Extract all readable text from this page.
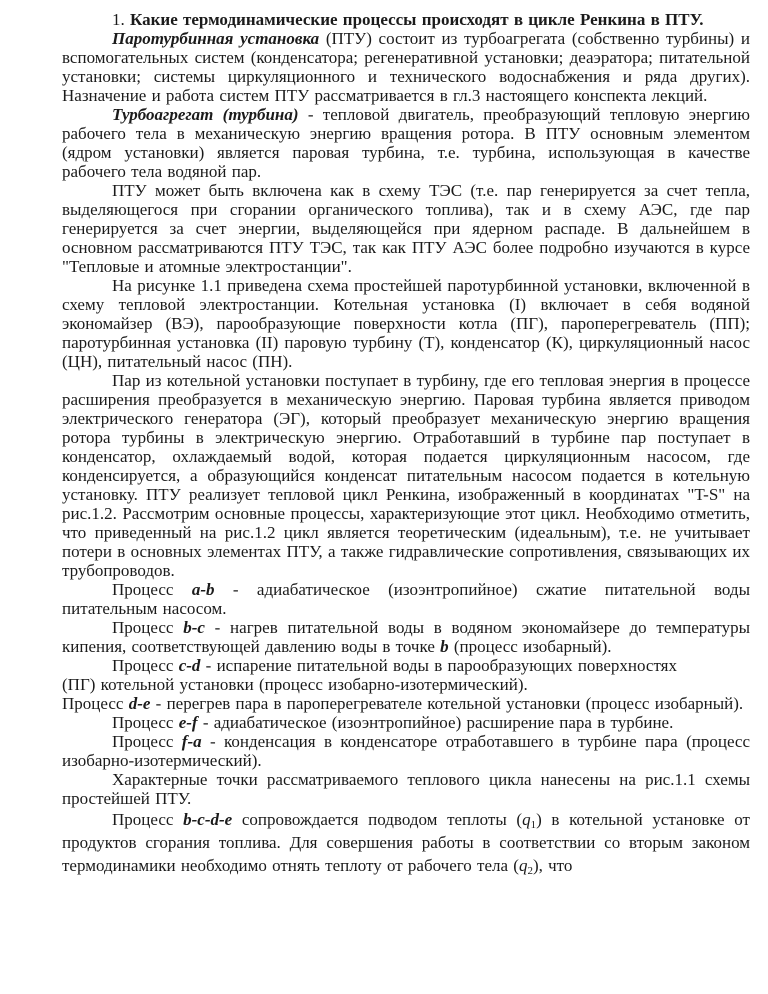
1. Какие термодинамические процессы происходят в цикле Ренкина в ПТУ.

Паротурбинная установка (ПТУ) состоит из турбоагрегата (собственно турбины) и вспомогательных систем (конденсатора; регенеративной установки; деаэратора; питательной установки; системы циркуляционного и технического водоснабжения и ряда других). Назначение и работа систем ПТУ рассматривается в гл.3 настоящего конспекта лекций.

Турбоагрегат (турбина) - тепловой двигатель, преобразующий тепловую энергию рабочего тела в механическую энергию вращения ротора. В ПТУ основным элементом (ядром установки) является паровая турбина, т.е. турбина, использующая в качестве рабочего тела водяной пар.

ПТУ может быть включена как в схему ТЭС (т.е. пар генерируется за счет тепла, выделяющегося при сгорании органического топлива), так и в схему АЭС, где пар генерируется за счет энергии, выделяющейся при ядерном распаде. В дальнейшем в основном рассматриваются ПТУ ТЭС, так как ПТУ АЭС более подробно изучаются в курсе "Тепловые и атомные электростанции".

На рисунке 1.1 приведена схема простейшей паротурбинной установки, включенной в схему тепловой электростанции. Котельная установка (I) включает в себя водяной экономайзер (ВЭ), парообразующие поверхности котла (ПГ), пароперегреватель (ПП); паротурбинная установка (II) паровую турбину (Т), конденсатор (К), циркуляционный насос (ЦН), питательный насос (ПН).

Пар из котельной установки поступает в турбину, где его тепловая энергия в процессе расширения преобразуется в механическую энергию. Паровая турбина является приводом электрического генератора (ЭГ), который преобразует механическую энергию вращения ротора турбины в электрическую энергию. Отработавший в турбине пар поступает в конденсатор, охлаждаемый водой, которая подается циркуляционным насосом, где конденсируется, а образующийся конденсат питательным насосом подается в котельную установку. ПТУ реализует тепловой цикл Ренкина, изображенный в координатах "T-S" на рис.1.2. Рассмотрим основные процессы, характеризующие этот цикл. Необходимо отметить, что приведенный на рис.1.2 цикл является теоретическим (идеальным), т.е. не учитывает потери в основных элементах ПТУ, а также гидравлические сопротивления, связывающих их трубопроводов.

Процесс a-b - адиабатическое (изоэнтропийное) сжатие питательной воды питательным насосом.

Процесс b-c - нагрев питательной воды в водяном экономайзере до температуры кипения, соответствующей давлению воды в точке b (процесс изобарный).

Процесс c-d - испарение питательной воды в парообразующих поверхностях
(ПГ) котельной установки (процесс изобарно-изотермический).

Процесс d-e - перегрев пара в пароперегревателе котельной установки (процесс изобарный).

Процесс e-f - адиабатическое (изоэнтропийное) расширение пара в турбине.

Процесс f-a - конденсация в конденсаторе отработавшего в турбине пара (процесс изобарно-изотермический).

Характерные точки рассматриваемого теплового цикла нанесены на рис.1.1 схемы простейшей ПТУ.

Процесс b-c-d-e сопровождается подводом теплоты (q1) в котельной установке от продуктов сгорания топлива. Для совершения работы в соответствии со вторым законом термодинамики необходимо отнять теплоту от рабочего тела (q2), что
